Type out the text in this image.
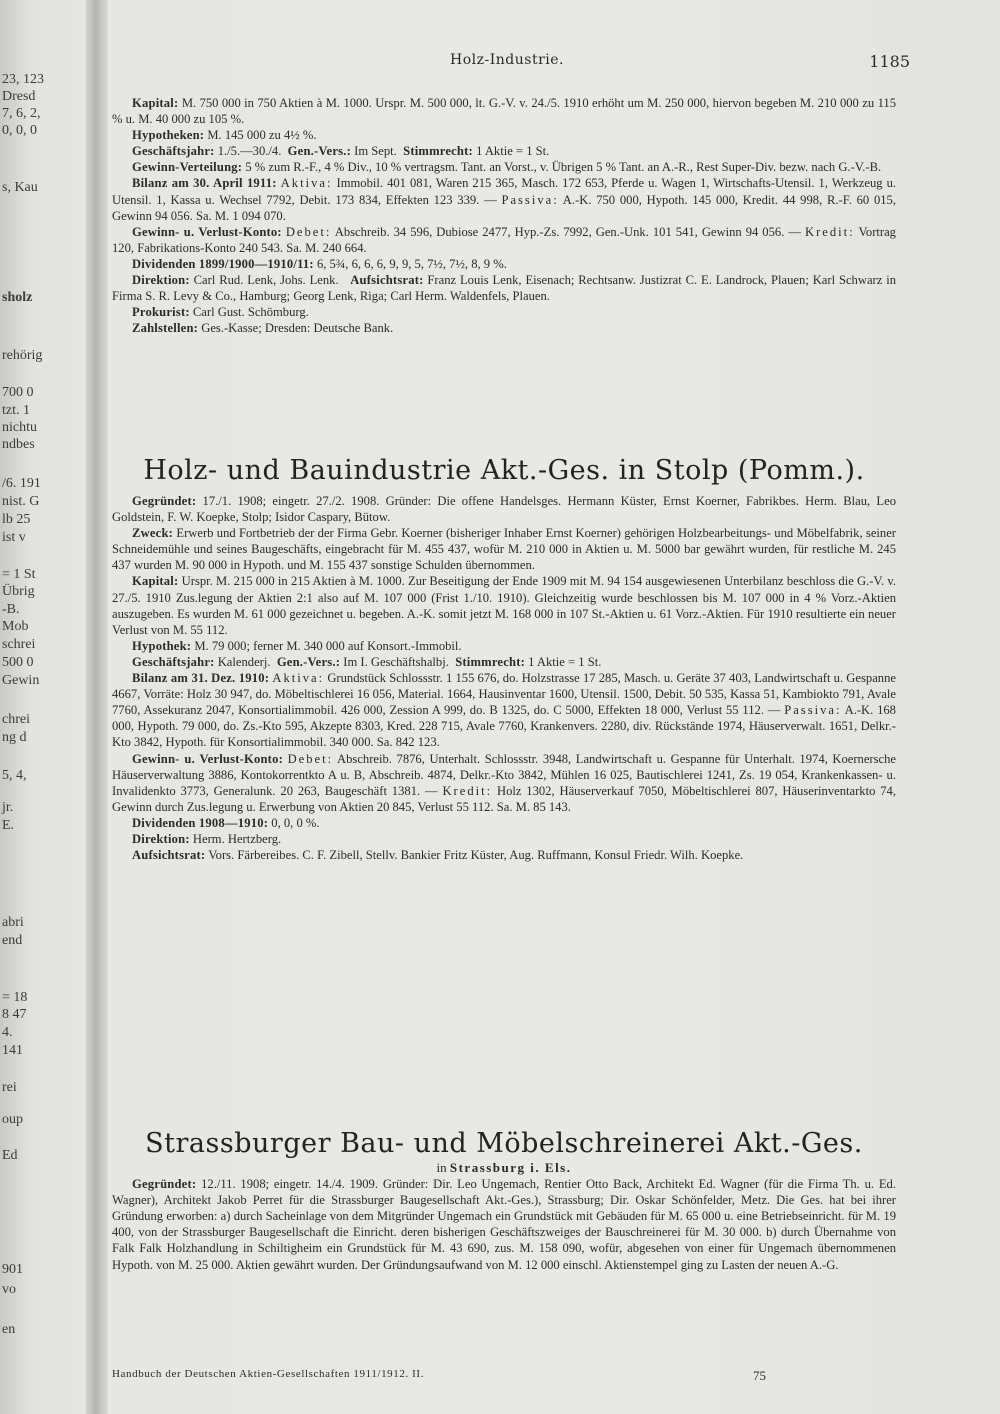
23, 123
Dresd
7, 6, 2,
0, 0, 0
s, Kau
sholz
rehörig
700 0
tzt. 1
nichtu
ndbes
/6. 191
nist. G
lb 25
ist v
= 1 St
Übrig
-B.
Mob
schrei
500 0
Gewin
chrei
ng d
5, 4,
jr.
E.
abri
end
= 18
8 47
4.
141
rei
oup
Ed
901
vo
en
Holz-Industrie.	1185

Kapital: M. 750 000 in 750 Aktien à M. 1000. Urspr. M. 500 000, lt. G.-V. v. 24./5. 1910 erhöht um M. 250 000, hiervon begeben M. 210 000 zu 115 % u. M. 40 000 zu 105 %.

Hypotheken: M. 145 000 zu 4½ %.

Geschäftsjahr: 1./5.—30./4. Gen.-Vers.: Im Sept. Stimmrecht: 1 Aktie = 1 St.

Gewinn-Verteilung: 5 % zum R.-F., 4 % Div., 10 % vertragsm. Tant. an Vorst., v. Übrigen 5 % Tant. an A.-R., Rest Super-Div. bezw. nach G.-V.-B.

Bilanz am 30. April 1911: Aktiva: Immobil. 401 081, Waren 215 365, Masch. 172 653, Pferde u. Wagen 1, Wirtschafts-Utensil. 1, Werkzeug u. Utensil. 1, Kassa u. Wechsel 7792, Debit. 173 834, Effekten 123 339. — Passiva: A.-K. 750 000, Hypoth. 145 000, Kredit. 44 998, R.-F. 60 015, Gewinn 94 056. Sa. M. 1 094 070.

Gewinn- u. Verlust-Konto: Debet: Abschreib. 34 596, Dubiose 2477, Hyp.-Zs. 7992, Gen.-Unk. 101 541, Gewinn 94 056. — Kredit: Vortrag 120, Fabrikations-Konto 240 543. Sa. M. 240 664.

Dividenden 1899/1900—1910/11: 6, 5¾, 6, 6, 6, 9, 9, 5, 7½, 7½, 8, 9 %.

Direktion: Carl Rud. Lenk, Johs. Lenk. Aufsichtsrat: Franz Louis Lenk, Eisenach; Rechtsanw. Justizrat C. E. Landrock, Plauen; Karl Schwarz in Firma S. R. Levy & Co., Hamburg; Georg Lenk, Riga; Carl Herm. Waldenfels, Plauen.

Prokurist: Carl Gust. Schömburg.

Zahlstellen: Ges.-Kasse; Dresden: Deutsche Bank.

Holz- und Bauindustrie Akt.-Ges. in Stolp (Pomm.).

Gegründet: 17./1. 1908; eingetr. 27./2. 1908. Gründer: Die offene Handelsges. Hermann Küster, Ernst Koerner, Fabrikbes. Herm. Blau, Leo Goldstein, F. W. Koepke, Stolp; Isidor Caspary, Bütow.

Zweck: Erwerb und Fortbetrieb der der Firma Gebr. Koerner (bisheriger Inhaber Ernst Koerner) gehörigen Holzbearbeitungs- und Möbelfabrik, seiner Schneidemühle und seines Baugeschäfts, eingebracht für M. 455 437, wofür M. 210 000 in Aktien u. M. 5000 bar gewährt wurden, für restliche M. 245 437 wurden M. 90 000 in Hypoth. und M. 155 437 sonstige Schulden übernommen.

Kapital: Urspr. M. 215 000 in 215 Aktien à M. 1000. Zur Beseitigung der Ende 1909 mit M. 94 154 ausgewiesenen Unterbilanz beschloss die G.-V. v. 27./5. 1910 Zus.legung der Aktien 2:1 also auf M. 107 000 (Frist 1./10. 1910). Gleichzeitig wurde beschlossen bis M. 107 000 in 4 % Vorz.-Aktien auszugeben. Es wurden M. 61 000 gezeichnet u. begeben. A.-K. somit jetzt M. 168 000 in 107 St.-Aktien u. 61 Vorz.-Aktien. Für 1910 resultierte ein neuer Verlust von M. 55 112.

Hypothek: M. 79 000; ferner M. 340 000 auf Konsort.-Immobil.

Geschäftsjahr: Kalenderj. Gen.-Vers.: Im I. Geschäftshalbj. Stimmrecht: 1 Aktie = 1 St.

Bilanz am 31. Dez. 1910: Aktiva: Grundstück Schlossstr. 1 155 676, do. Holzstrasse 17 285, Masch. u. Geräte 37 403, Landwirtschaft u. Gespanne 4667, Vorräte: Holz 30 947, do. Möbeltischlerei 16 056, Material. 1664, Hausinventar 1600, Utensil. 1500, Debit. 50 535, Kassa 51, Kambiokto 791, Avale 7760, Assekuranz 2047, Konsortialimmobil. 426 000, Zession A 999, do. B 1325, do. C 5000, Effekten 18 000, Verlust 55 112. — Passiva: A.-K. 168 000, Hypoth. 79 000, do. Zs.-Kto 595, Akzepte 8303, Kred. 228 715, Avale 7760, Krankenvers. 2280, div. Rückstände 1974, Häuserverwalt. 1651, Delkr.-Kto 3842, Hypoth. für Konsortialimmobil. 340 000. Sa. 842 123.

Gewinn- u. Verlust-Konto: Debet: Abschreib. 7876, Unterhalt. Schlossstr. 3948, Landwirtschaft u. Gespanne für Unterhalt. 1974, Koernersche Häuserverwaltung 3886, Kontokorrentkto A u. B, Abschreib. 4874, Delkr.-Kto 3842, Mühlen 16 025, Bautischlerei 1241, Zs. 19 054, Krankenkassen- u. Invalidenkto 3773, Generalunk. 20 263, Baugeschäft 1381. — Kredit: Holz 1302, Häuserverkauf 7050, Möbeltischlerei 807, Häuserinventarkto 74, Gewinn durch Zus.legung u. Erwerbung von Aktien 20 845, Verlust 55 112. Sa. M. 85 143.

Dividenden 1908—1910: 0, 0, 0 %.

Direktion: Herm. Hertzberg.

Aufsichtsrat: Vors. Färbereibes. C. F. Zibell, Stellv. Bankier Fritz Küster, Aug. Ruffmann, Konsul Friedr. Wilh. Koepke.

Strassburger Bau- und Möbelschreinerei Akt.-Ges.

in Strassburg i. Els.

Gegründet: 12./11. 1908; eingetr. 14./4. 1909. Gründer: Dir. Leo Ungemach, Rentier Otto Back, Architekt Ed. Wagner (für die Firma Th. u. Ed. Wagner), Architekt Jakob Perret für die Strassburger Baugesellschaft Akt.-Ges.), Strassburg; Dir. Oskar Schönfelder, Metz. Die Ges. hat bei ihrer Gründung erworben: a) durch Sacheinlage von dem Mitgründer Ungemach ein Grundstück mit Gebäuden für M. 65 000 u. eine Betriebseinricht. für M. 19 400, von der Strassburger Baugesellschaft die Einricht. deren bisherigen Geschäftszweiges der Bauschreinerei für M. 30 000. b) durch Übernahme von Falk Falk Holzhandlung in Schiltigheim ein Grundstück für M. 43 690, zus. M. 158 090, wofür, abgesehen von einer für Ungemach übernommenen Hypoth. von M. 25 000. Aktien gewährt wurden. Der Gründungsaufwand von M. 12 000 einschl. Aktienstempel ging zu Lasten der neuen A.-G.

Handbuch der Deutschen Aktien-Gesellschaften 1911/1912. II.	75
